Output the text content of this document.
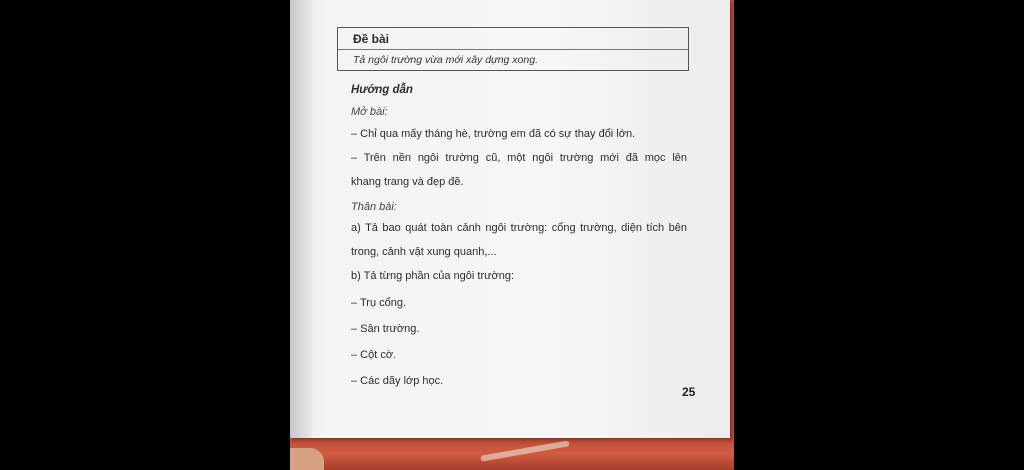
Đề bài
Tả ngôi trường vừa mới xây dựng xong.
Hướng dẫn
Mở bài:
– Chỉ qua mấy tháng hè, trường em đã có sự thay đổi lớn.
– Trên nền ngôi trường cũ, một ngôi trường mới đã mọc lên
khang trang và đẹp đẽ.
Thân bài:
a) Tả bao quát toàn cảnh ngôi trường: cổng trường, diện tích bên
trong, cảnh vật xung quanh,...
b) Tả từng phần của ngôi trường:
– Trụ cổng.
– Sân trường.
– Cột cờ.
– Các dãy lớp học.
25
